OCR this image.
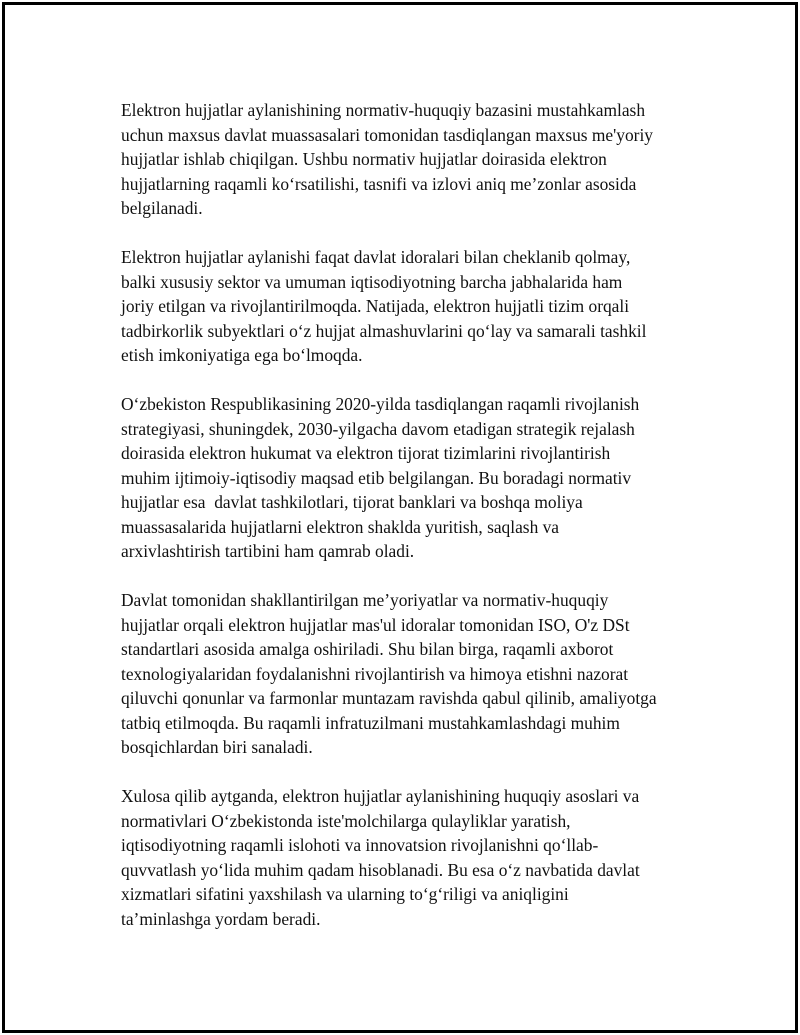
Elektron hujjatlar aylanishining normativ-huquqiy bazasini mustahkamlash
uchun maxsus davlat muassasalari tomonidan tasdiqlangan maxsus me'yoriy
hujjatlar ishlab chiqilgan. Ushbu normativ hujjatlar doirasida elektron
hujjatlarning raqamli ko‘rsatilishi, tasnifi va izlovi aniq me’zonlar asosida
belgilanadi.

Elektron hujjatlar aylanishi faqat davlat idoralari bilan cheklanib qolmay,
balki xususiy sektor va umuman iqtisodiyotning barcha jabhalarida ham
joriy etilgan va rivojlantirilmoqda. Natijada, elektron hujjatli tizim orqali
tadbirkorlik subyektlari o‘z hujjat almashuvlarini qo‘lay va samarali tashkil
etish imkoniyatiga ega bo‘lmoqda.

O‘zbekiston Respublikasining 2020-yilda tasdiqlangan raqamli rivojlanish
strategiyasi, shuningdek, 2030-yilgacha davom etadigan strategik rejalash
doirasida elektron hukumat va elektron tijorat tizimlarini rivojlantirish
muhim ijtimoiy-iqtisodiy maqsad etib belgilangan. Bu boradagi normativ
hujjatlar esa  davlat tashkilotlari, tijorat banklari va boshqa moliya
muassasalarida hujjatlarni elektron shaklda yuritish, saqlash va
arxivlashtirish tartibini ham qamrab oladi.

Davlat tomonidan shakllantirilgan me’yoriyatlar va normativ-huquqiy
hujjatlar orqali elektron hujjatlar mas'ul idoralar tomonidan ISO, O'z DSt
standartlari asosida amalga oshiriladi. Shu bilan birga, raqamli axborot
texnologiyalaridan foydalanishni rivojlantirish va himoya etishni nazorat
qiluvchi qonunlar va farmonlar muntazam ravishda qabul qilinib, amaliyotga
tatbiq etilmoqda. Bu raqamli infratuzilmani mustahkamlashdagi muhim
bosqichlardan biri sanaladi.

Xulosa qilib aytganda, elektron hujjatlar aylanishining huquqiy asoslari va
normativlari O‘zbekistonda iste'molchilarga qulayliklar yaratish,
iqtisodiyotning raqamli islohoti va innovatsion rivojlanishni qo‘llab-
quvvatlash yo‘lida muhim qadam hisoblanadi. Bu esa o‘z navbatida davlat
xizmatlari sifatini yaxshilash va ularning to‘g‘riligi va aniqligini
ta’minlashga yordam beradi.
